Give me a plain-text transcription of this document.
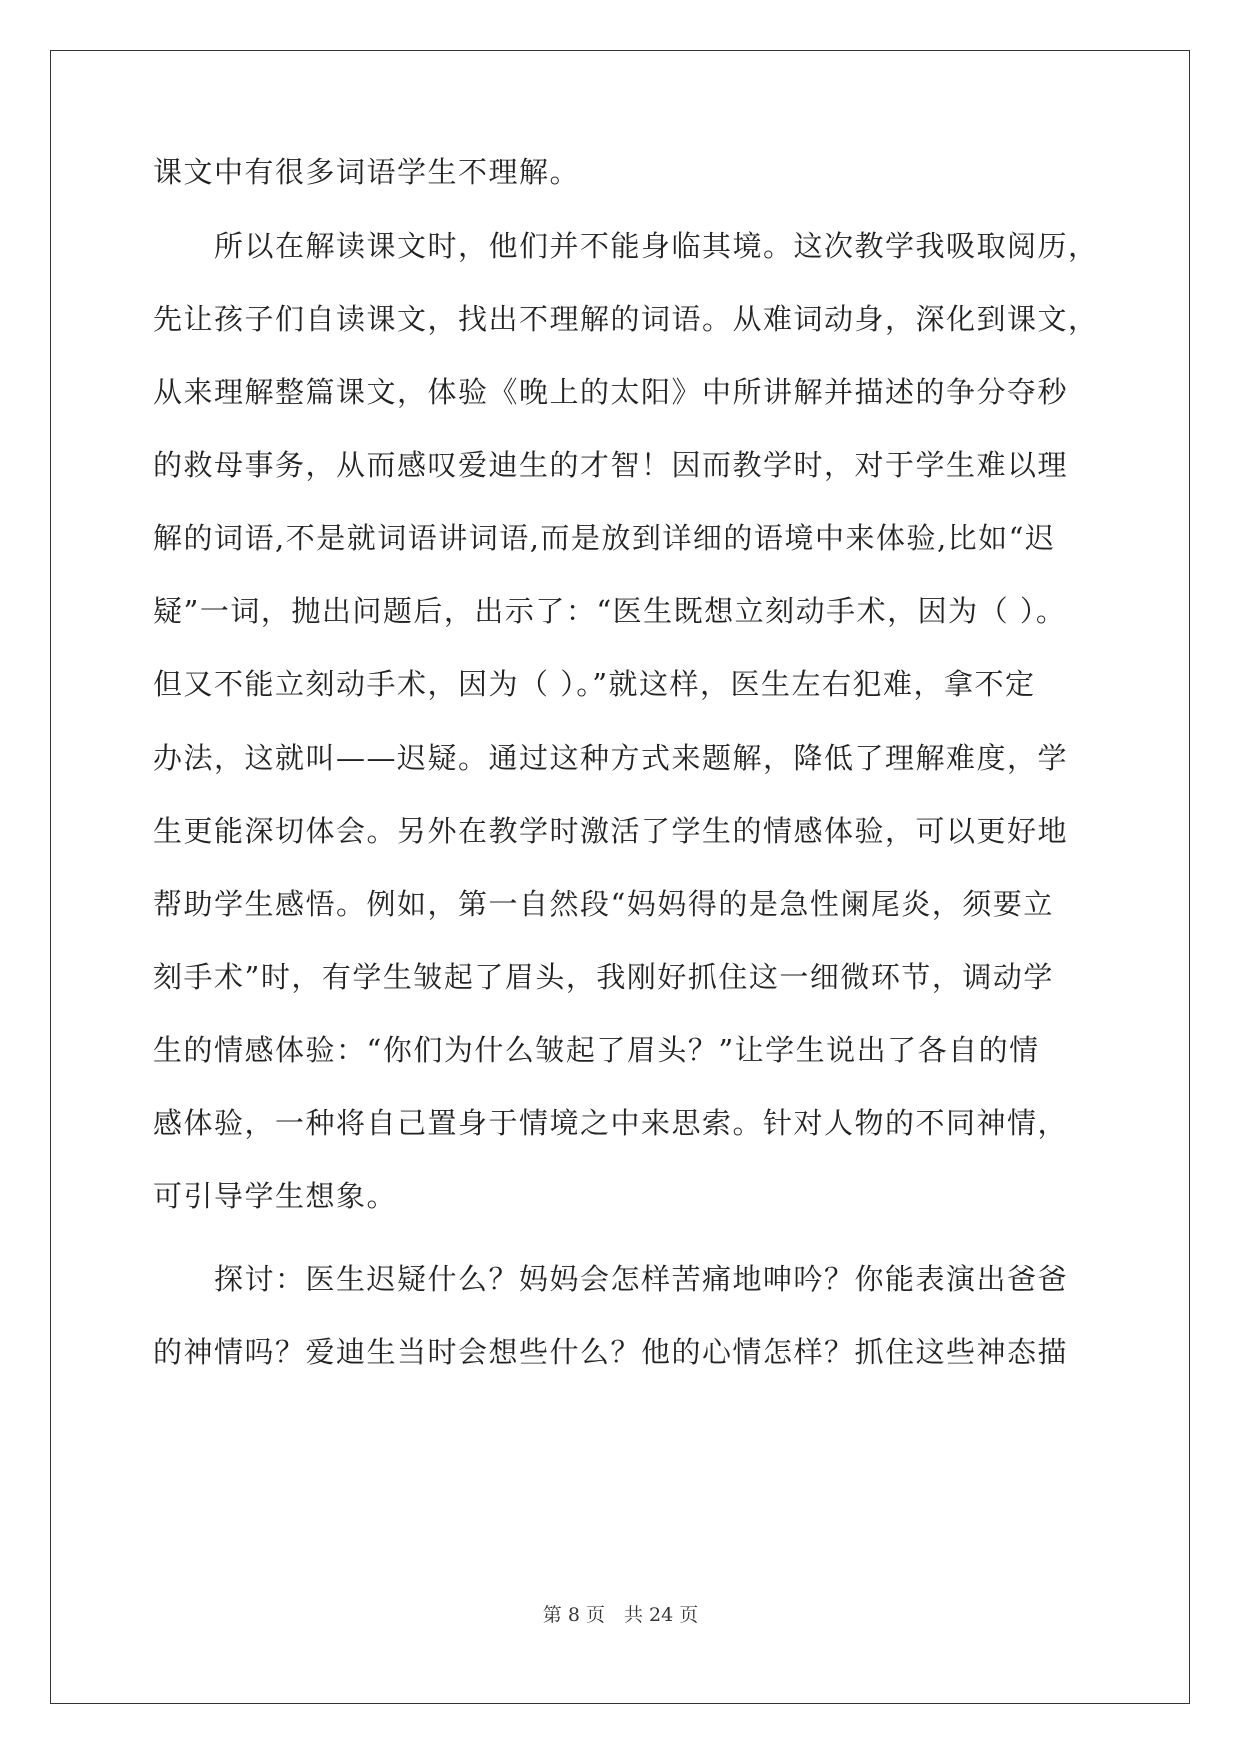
课文中有很多词语学生不理解。
　　所以在解读课文时，他们并不能身临其境。这次教学我吸取阅历，
先让孩子们自读课文，找出不理解的词语。从难词动身，深化到课文，
从来理解整篇课文，体验《晚上的太阳》中所讲解并描述的争分夺秒
的救母事务，从而感叹爱迪生的才智！因而教学时，对于学生难以理
解的词语,不是就词语讲词语,而是放到详细的语境中来体验,比如“迟
疑”一词，抛出问题后，出示了：“医生既想立刻动手术，因为（ ）。
但又不能立刻动手术，因为（ ）。”就这样，医生左右犯难，拿不定
办法，这就叫——迟疑。通过这种方式来题解，降低了理解难度，学
生更能深切体会。另外在教学时激活了学生的情感体验，可以更好地
帮助学生感悟。例如，第一自然段“妈妈得的是急性阑尾炎，须要立
刻手术”时，有学生皱起了眉头，我刚好抓住这一细微环节，调动学
生的情感体验：“你们为什么皱起了眉头？”让学生说出了各自的情
感体验，一种将自己置身于情境之中来思索。针对人物的不同神情，
可引导学生想象。
　　探讨：医生迟疑什么？妈妈会怎样苦痛地呻吟？你能表演出爸爸
的神情吗？爱迪生当时会想些什么？他的心情怎样？抓住这些神态描
第 8 页　共 24 页
